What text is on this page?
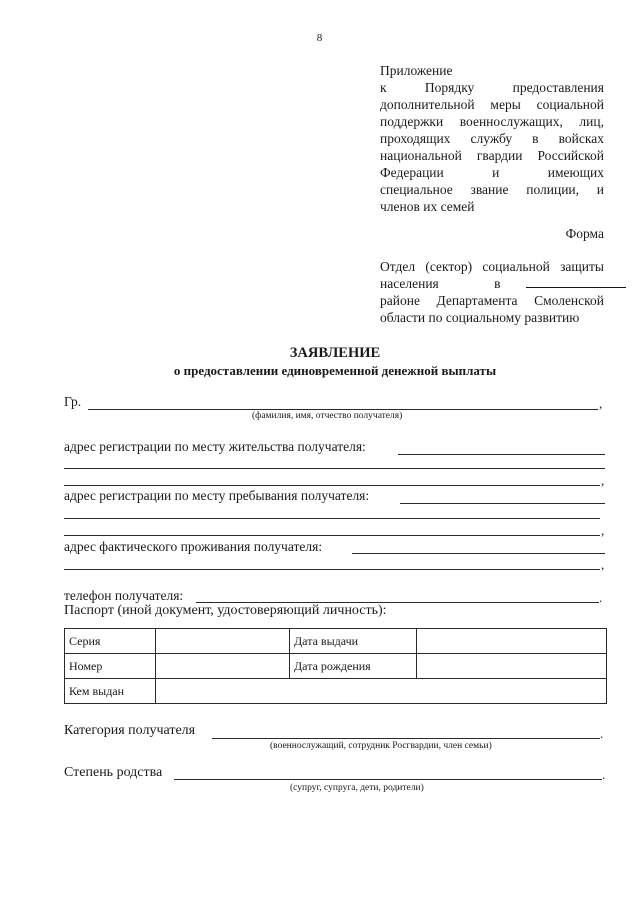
8
Приложение
к Порядку предоставления
дополнительной меры социальной
поддержки военнослужащих, лиц,
проходящих службу в войсках
национальной гвардии Российской
Федерации и имеющих
специальное звание полиции, и
членов их семей
Форма
Отдел (сектор) социальной защиты
населения в
районе Департамента Смоленской
области по социальному развитию
ЗАЯВЛЕНИЕ
о предоставлении единовременной денежной выплаты
Гр.	,
(фамилия, имя, отчество получателя)
адрес регистрации по месту жительства получателя:
,
адрес регистрации по месту пребывания получателя:
,
адрес фактического проживания получателя:
,
телефон получателя:	.
Паспорт (иной документ, удостоверяющий личность):
Серия		Дата выдачи	
Номер		Дата рождения	
Кем выдан			
Категория получателя	.
(военнослужащий, сотрудник Росгвардии, член семьи)
Степень родства	.
(супруг, супруга, дети, родители)
